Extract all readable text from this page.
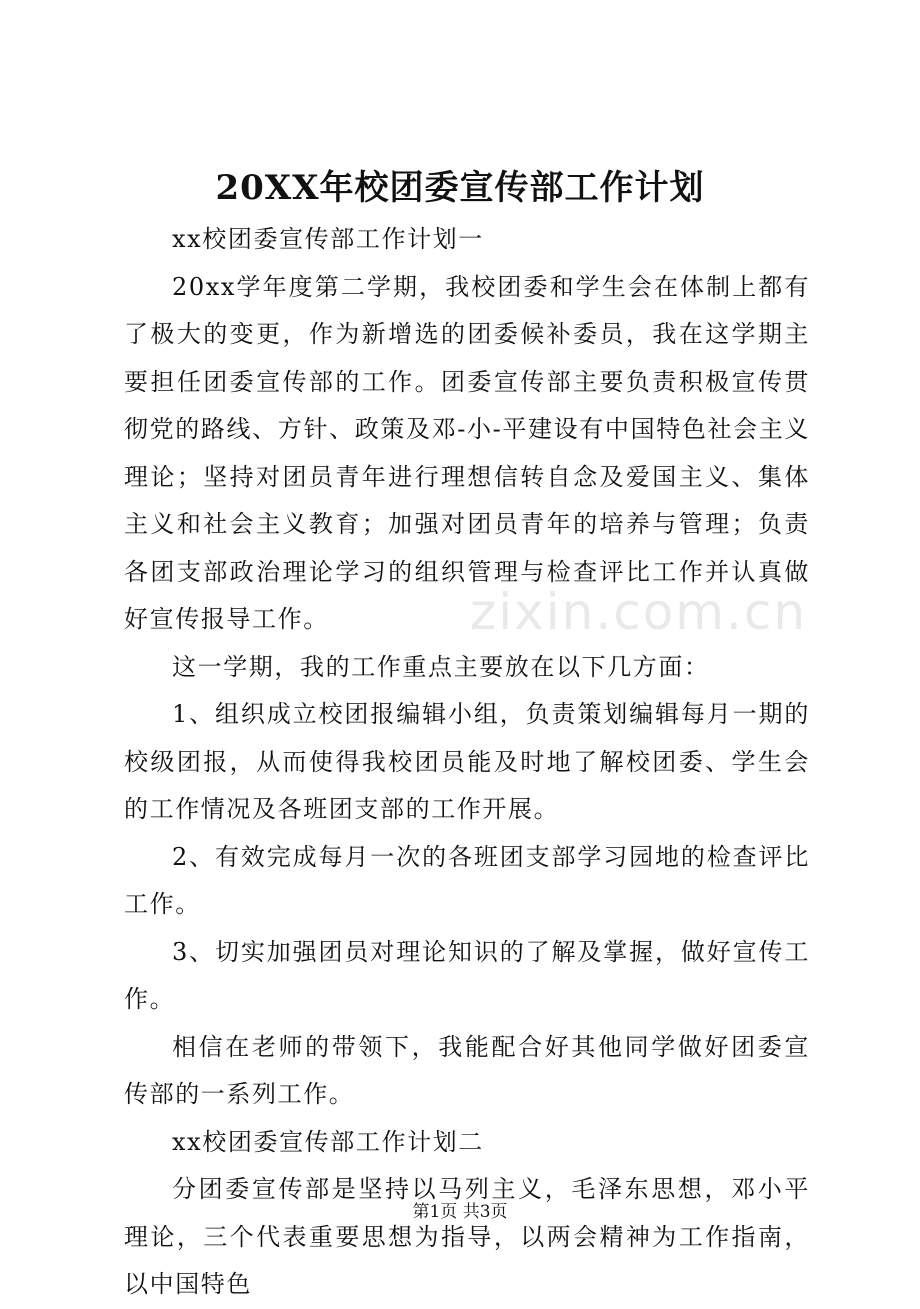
20XX年校团委宣传部工作计划

xx校团委宣传部工作计划一

20xx学年度第二学期，我校团委和学生会在体制上都有了极大的变更，作为新增选的团委候补委员，我在这学期主要担任团委宣传部的工作。团委宣传部主要负责积极宣传贯彻党的路线、方针、政策及邓-小-平建设有中国特色社会主义理论；坚持对团员青年进行理想信转自念及爱国主义、集体主义和社会主义教育；加强对团员青年的培养与管理；负责各团支部政治理论学习的组织管理与检查评比工作并认真做好宣传报导工作。

这一学期，我的工作重点主要放在以下几方面：

1、组织成立校团报编辑小组，负责策划编辑每月一期的校级团报，从而使得我校团员能及时地了解校团委、学生会的工作情况及各班团支部的工作开展。

2、有效完成每月一次的各班团支部学习园地的检查评比工作。

3、切实加强团员对理论知识的了解及掌握，做好宣传工作。

相信在老师的带领下，我能配合好其他同学做好团委宣传部的一系列工作。

xx校团委宣传部工作计划二

分团委宣传部是坚持以马列主义，毛泽东思想，邓小平理论，三个代表重要思想为指导，以两会精神为工作指南，以中国特色

zixin.com.cn
第1页 共3页
